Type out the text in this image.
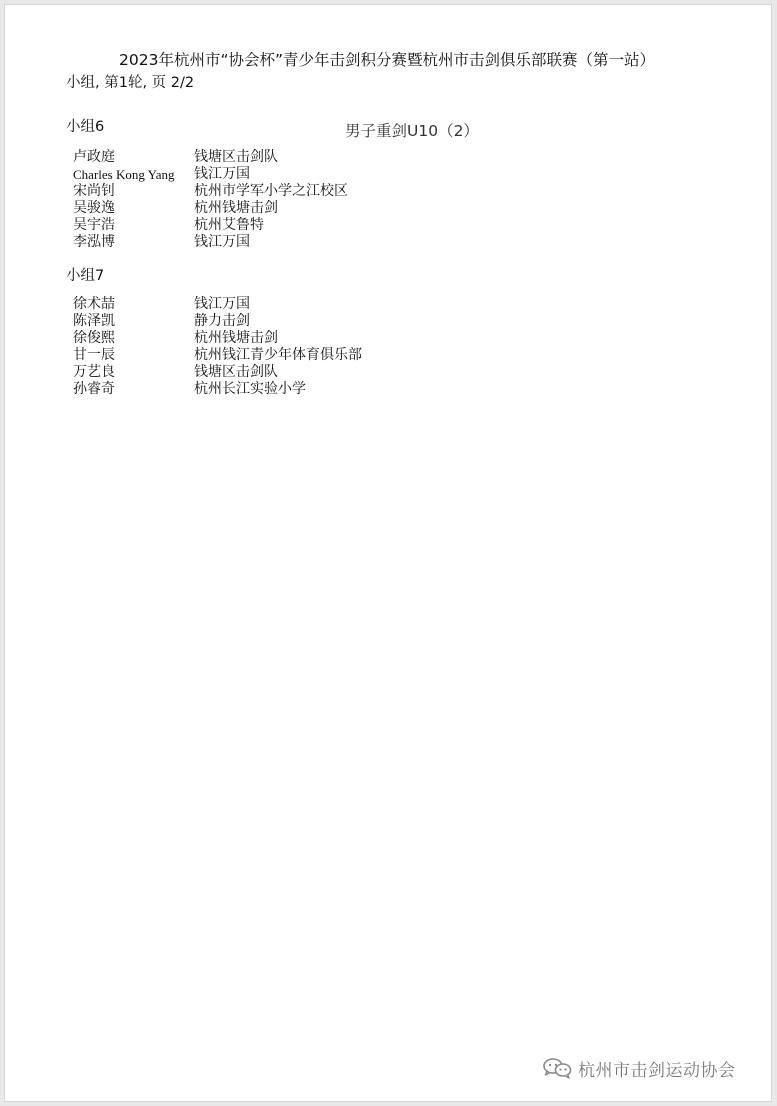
2023年杭州市“协会杯”青少年击剑积分赛暨杭州市击剑俱乐部联赛（第一站）
小组, 第1轮, 页 2/2
小组6	男子重剑U10（2）
卢政庭	钱塘区击剑队
Charles Kong Yang 钱江万国
宋尚钊	杭州市学军小学之江校区
吴骏逸	杭州钱塘击剑
吴宇浩	杭州艾鲁特
李泓博	钱江万国
小组7
徐术喆	钱江万国
陈泽凯	静力击剑
徐俊熙	杭州钱塘击剑
甘一辰	杭州钱江青少年体育俱乐部
万艺良	钱塘区击剑队
孙睿奇	杭州长江实验小学
杭州市击剑运动协会
